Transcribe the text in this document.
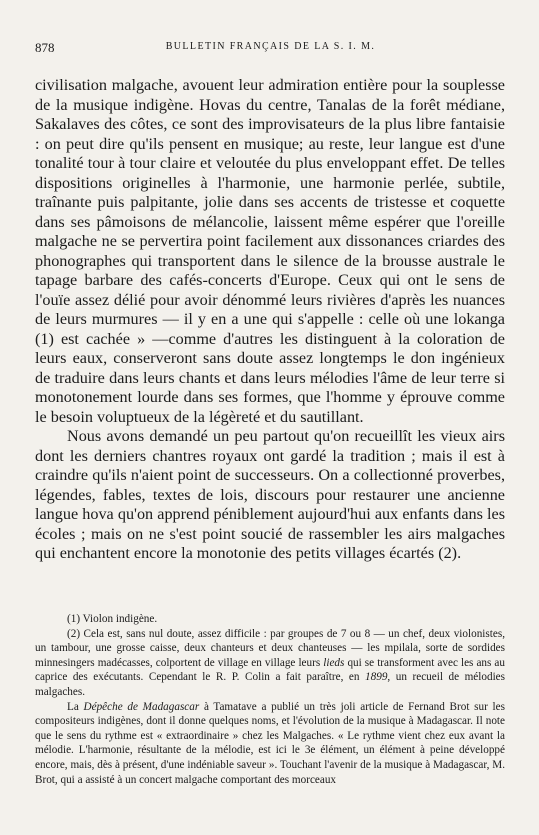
878	BULLETIN FRANÇAIS DE LA S. I. M.

civilisation malgache, avouent leur admiration entière pour la souplesse de la musique indigène. Hovas du centre, Tanalas de la forêt médiane, Sakalaves des côtes, ce sont des improvisateurs de la plus libre fantaisie : on peut dire qu'ils pensent en musique; au reste, leur langue est d'une tonalité tour à tour claire et veloutée du plus enveloppant effet. De telles dispositions originelles à l'harmonie, une harmonie perlée, subtile, traînante puis palpitante, jolie dans ses accents de tristesse et coquette dans ses pâmoisons de mélancolie, laissent même espérer que l'oreille malgache ne se pervertira point facilement aux dissonances criardes des phonographes qui transportent dans le silence de la brousse australe le tapage barbare des cafés-concerts d'Europe. Ceux qui ont le sens de l'ouïe assez délié pour avoir dénommé leurs rivières d'après les nuances de leurs murmures — il y en a une qui s'appelle : celle où une lokanga (1) est cachée » —comme d'autres les distinguent à la coloration de leurs eaux, conserveront sans doute assez longtemps le don ingénieux de traduire dans leurs chants et dans leurs mélodies l'âme de leur terre si monotonement lourde dans ses formes, que l'homme y éprouve comme le besoin voluptueux de la légèreté et du sautillant.

Nous avons demandé un peu partout qu'on recueillît les vieux airs dont les derniers chantres royaux ont gardé la tradition ; mais il est à craindre qu'ils n'aient point de successeurs. On a collectionné proverbes, légendes, fables, textes de lois, discours pour restaurer une ancienne langue hova qu'on apprend péniblement aujourd'hui aux enfants dans les écoles ; mais on ne s'est point soucié de rassembler les airs malgaches qui enchantent encore la monotonie des petits villages écartés (2).

(1) Violon indigène.

(2) Cela est, sans nul doute, assez difficile : par groupes de 7 ou 8 — un chef, deux violonistes, un tambour, une grosse caisse, deux chanteurs et deux chanteuses — les mpilala, sorte de sordides minnesingers madécasses, colportent de village en village leurs lieds qui se transforment avec les ans au caprice des exécutants. Cependant le R. P. Colin a fait paraître, en 1899, un recueil de mélodies malgaches.

La Dépêche de Madagascar à Tamatave a publié un très joli article de Fernand Brot sur les compositeurs indigènes, dont il donne quelques noms, et l'évolution de la musique à Madagascar. Il note que le sens du rythme est « extraordinaire » chez les Malgaches. « Le rythme vient chez eux avant la mélodie. L'harmonie, résultante de la mélodie, est ici le 3e élément, un élément à peine développé encore, mais, dès à présent, d'une indéniable saveur ». Touchant l'avenir de la musique à Madagascar, M. Brot, qui a assisté à un concert malgache comportant des morceaux
